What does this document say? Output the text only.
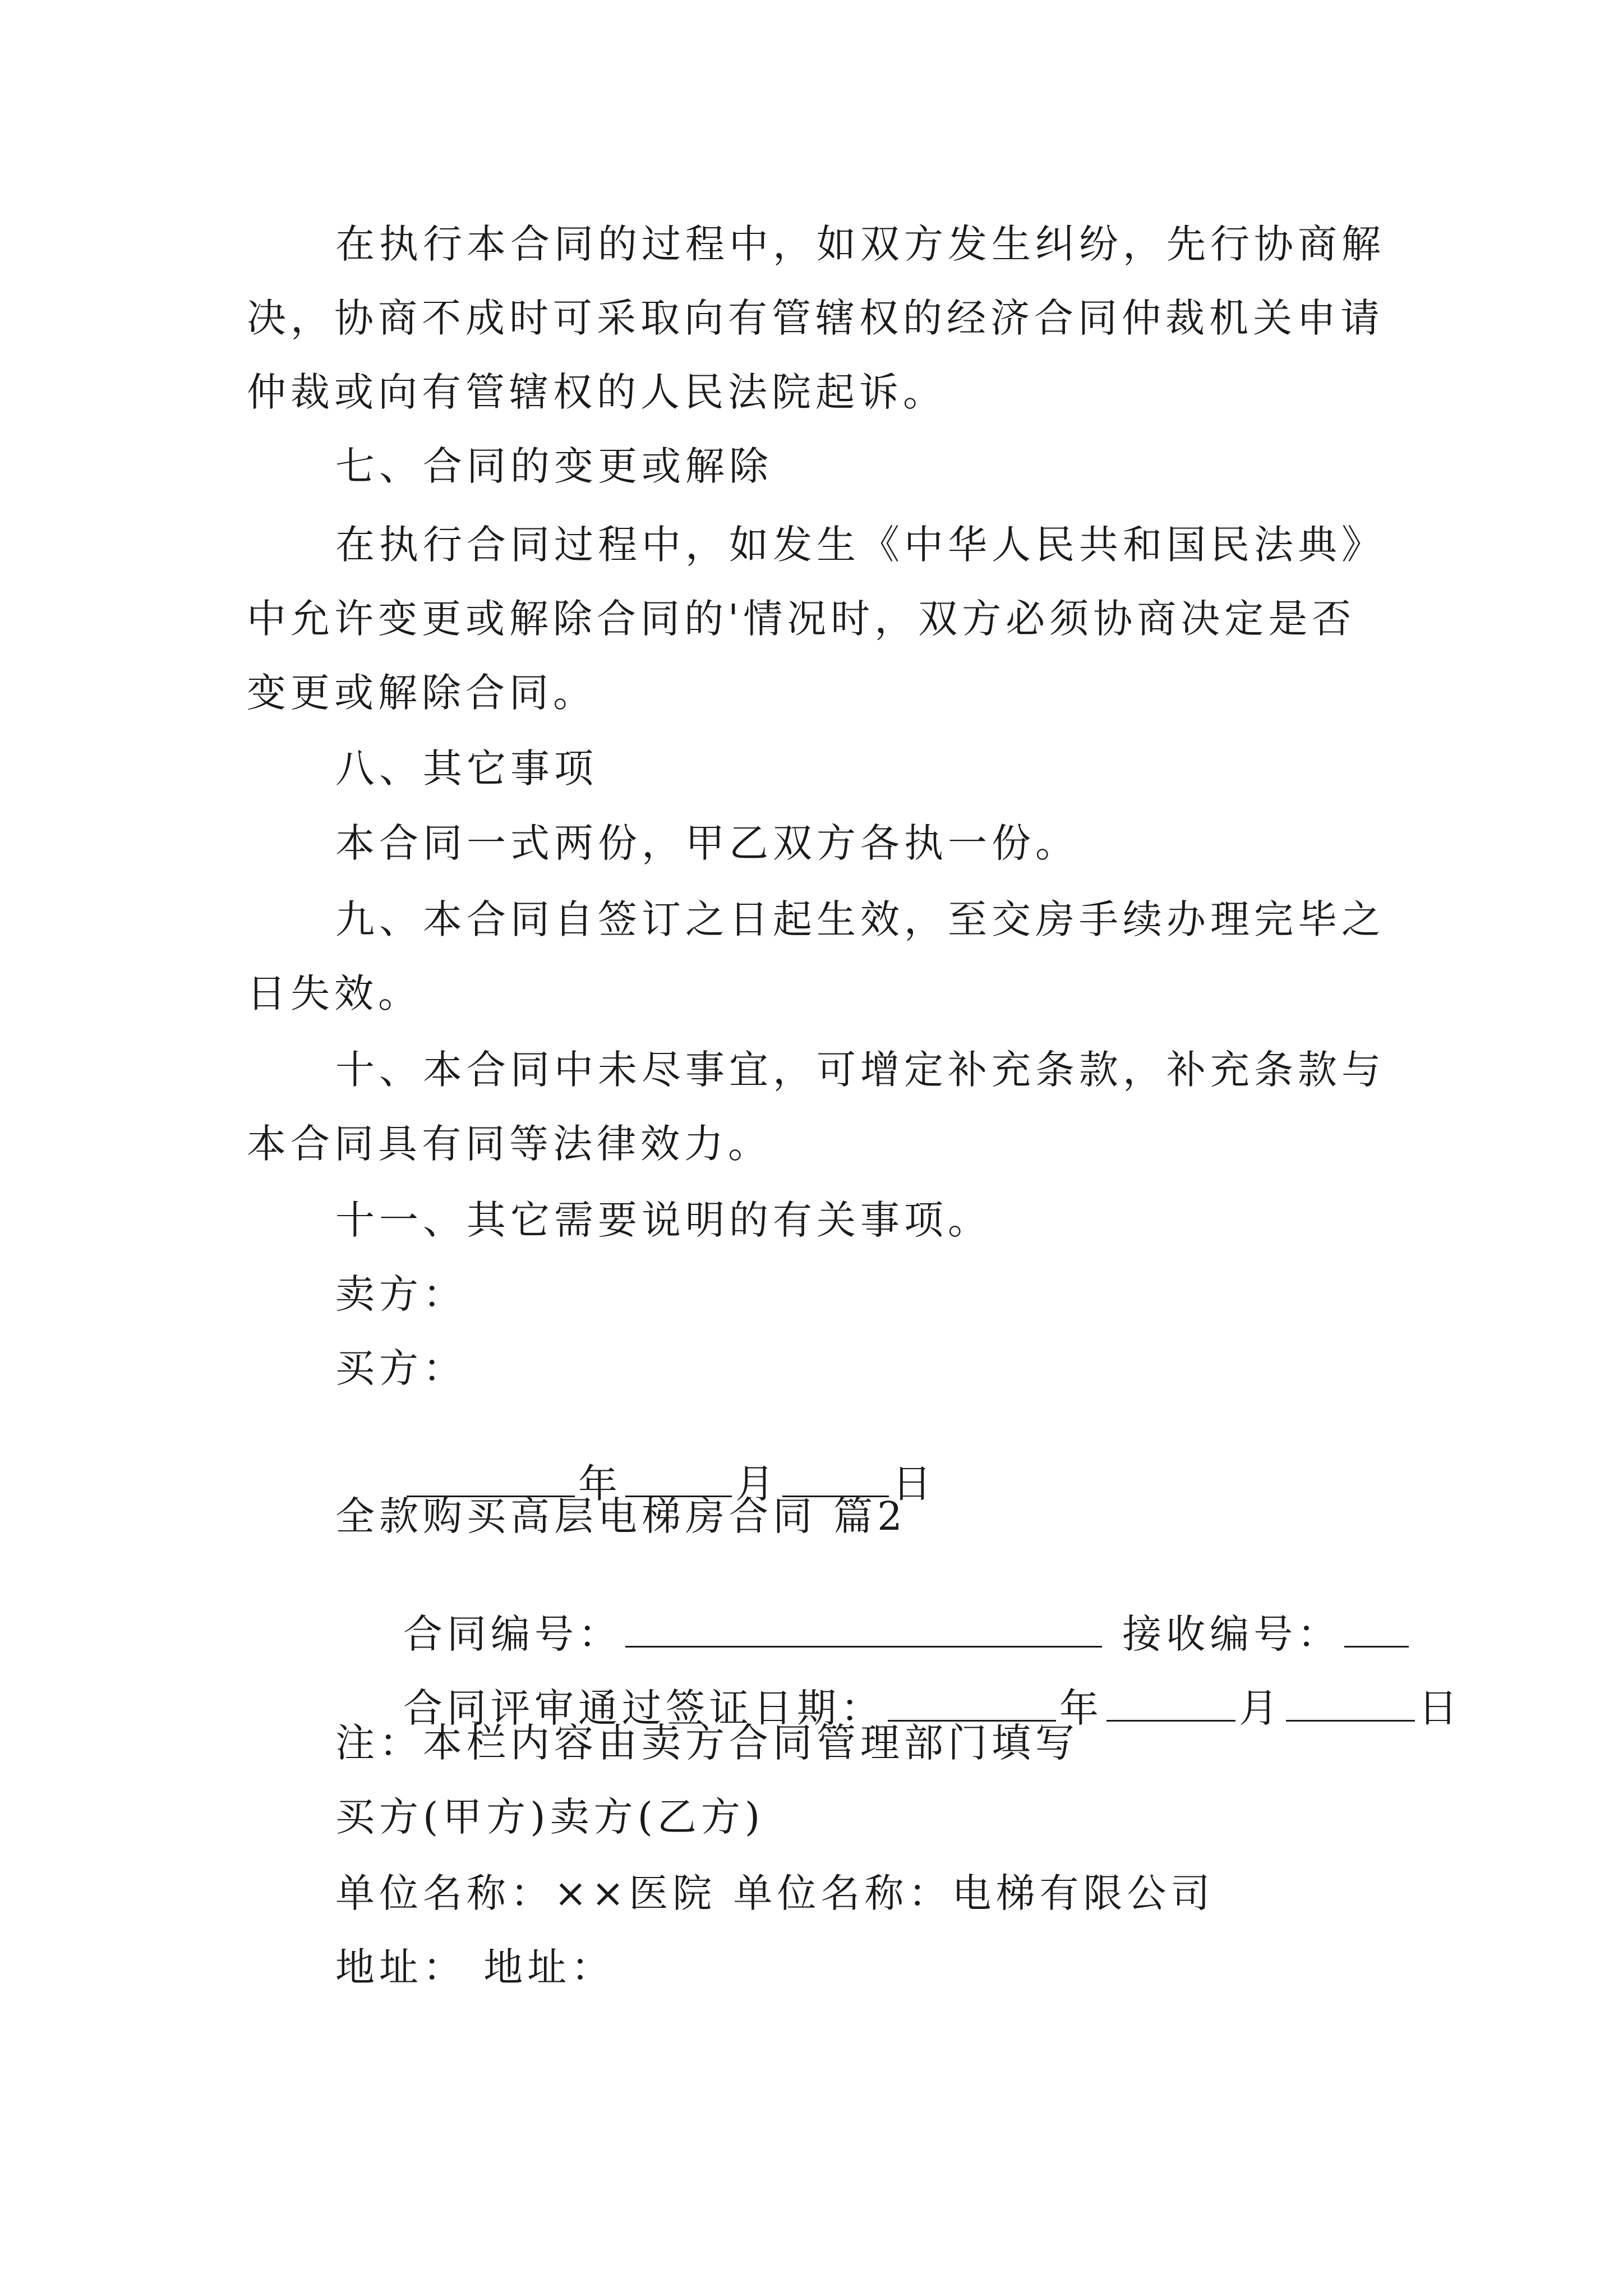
在执行本合同的过程中，如双方发生纠纷，先行协商解
决，协商不成时可采取向有管辖权的经济合同仲裁机关申请
仲裁或向有管辖权的人民法院起诉。
七、合同的变更或解除
在执行合同过程中，如发生《中华人民共和国民法典》
中允许变更或解除合同的'情况时，双方必须协商决定是否
变更或解除合同。
八、其它事项
本合同一式两份，甲乙双方各执一份。
九、本合同自签订之日起生效，至交房手续办理完毕之
日失效。
十、本合同中未尽事宜，可增定补充条款，补充条款与
本合同具有同等法律效力。
十一、其它需要说明的有关事项。
卖方：
买方：

年	月	日

全款购买高层电梯房合同 篇2

合同编号：	接收编号：

合同评审通过签证日期：	年	月	日

注：本栏内容由卖方合同管理部门填写
买方(甲方)卖方(乙方)
单位名称：××医院 单位名称：电梯有限公司
地址： 地址：
